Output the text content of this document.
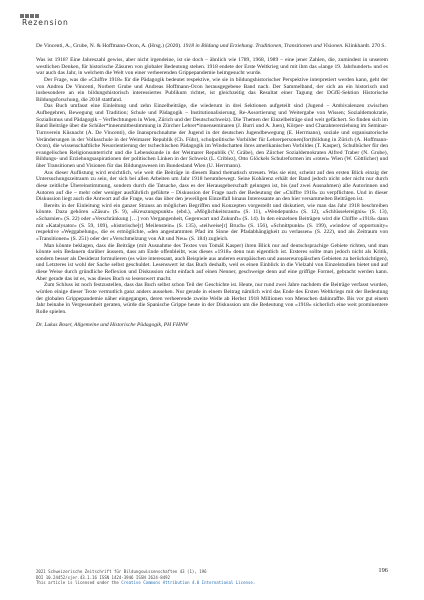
Rezension

De Vincenti, A., Grube, N. & Hoffmann-Ocon, A. (Hrsg.) (2020). 1918 in Bildung und Erziehung. Traditionen, Transitionen und Visionen. Klinkhardt. 270 S.

Was ist 1918? Eine Jahreszahl gewiss, aber nicht irgendeine, ist sie doch – ähnlich wie 1789, 1968, 1989 – eine jener Zahlen, die, zumindest in unserem westlichen Denken, für historische Zäsuren von globaler Bedeutung stehen. 1918 endete der Erste Weltkrieg und mit ihm das «lange 19. Jahrhundert» und es war auch das Jahr, in welchem die Welt von einer verheerenden Grippepandemie heimgesucht wurde.

Der Frage, was die «Chiffre 1918» für die Pädagogik bedeutet respektive, wie sie in bildungshistorischer Perspektive interpretiert werden kann, geht der von Andrea De Vincenti, Norbert Grube und Andreas Hoffmann-Ocon herausgegebene Band nach. Der Sammelband, der sich an ein historisch und insbesondere an ein bildungshistorisch interessiertes Publikum richtet, ist gleichzeitig das Resultat einer Tagung der DGfE-Sektion Historische Bildungsforschung, die 2018 stattfand.

Das Buch umfasst eine Einleitung und zehn Einzelbeiträge, die wiederum in drei Sektionen aufgeteilt sind (Jugend – Ambivalenzen zwischen Aufbegehren, Bewegung und Tradition; Schule und Pädagogik – Institutionalisierung, Re-Assortierung und Weitergabe von Wissen; Sozialdemokratie, Sozialismus und Pädagogik – Verflechtungen in Wien, Zürich und der Deutschschweiz). Die Themen der Einzelbeiträge sind weit gefächert. So finden sich im Band Beiträge über die Schüler*innenmitbestimmung in Zürcher Lehrer*innenseminaren (J. Burri und A. Juen), Körper- und Charaktererziehung im Seminar-Turnverein Küsnacht (A. De Vincenti), die Inanspruchnahme der Jugend in der deutschen Jugendbewegung (E. Herrmann), soziale und organisatorische Veränderungen in der Volksschule in der Weimarer Republik (Ch. Führ), schulpolitische Vorbilder für Lehrerpersonen(fort)bildung in Zürich (A. Hoffmann-Ocon), die wissenschaftliche Neuorientierung der tschechischen Pädagogik im Windschatten ihres amerikanischen Vorbildes (T. Kasper), Schulbücher für den evangelischen Religionsunterricht und die Lebenskunde in der Weimarer Republik (V. Gräbe), den Zürcher Sozialdemokraten Alfred Traber (N. Grube), Bildungs- und Erziehungsaspirationen der politischen Linken in der Schweiz (L. Criblez), Otto Glöckels Schulreformen im «roten» Wien (W. Göttlicher) und über Transitionen und Visionen für das Bildungswesen im Bundesland Wien (U. Herrmann).

Aus dieser Auflistung wird ersichtlich, wie weit die Beiträge in diesem Band thematisch streuen. Was sie eint, scheint auf den ersten Blick einzig der Untersuchungszeitraum zu sein, der sich bei allen Arbeiten um Jahr 1918 herumbewegt. Seine Kohärenz erhält der Band jedoch nicht oder nicht nur durch diese zeitliche Übereinstimmung, sondern durch die Tatsache, dass es der Herausgeberschaft gelungen ist, bis (auf zwei Ausnahmen) alle Autorinnen und Autoren auf die – mehr oder weniger ausführlich geführte – Diskussion der Frage nach der Bedeutung der «Chiffre 1918» zu verpflichten. Und in dieser Diskussion liegt auch die Antwort auf die Frage, was das über den jeweiligen Einzelfall hinaus Interessante an den hier versammelten Beiträgen ist.

Bereits in der Einleitung wird ein ganzer Strauss an möglichen Begriffen und Konzepten vorgestellt und diskutiert, wie man das Jahr 1918 beschreiben könnte. Dazu gehören «Zäsur» (S. 9), «Kreuzungspunkt» (ebd.), «Möglichkeitsraum» (S. 11), «Wendepunkt» (S. 12), «Schlüsselereignis» (S. 13), «Scharnier» (S. 22) oder «Verschränkung […] von Vergangenheit, Gegenwart und Zukunft» (S. 14). In den einzelnen Beiträgen wird die Chiffre «1918» dann mit «Katalysator» (S. 59, 109), «historische[r] Meilenstein» (S. 135), «teilweise[r] Bruch» (S. 156), «Schnittpunkt» (S. 199), «window of opportunity» respektive «Weggabelung», die es ermöglichte, «den angestammten Pfad im Sinne der Pfadabhängigkeit zu verlassen» (S. 222), und als Zeitraum von «Transitionen» (S. 251) oder der «Verschmelzung von Alt und Neu» (S. 184) zugleich.

Man könnte beklagen, dass die Beiträge (mit Ausnahme des Textes von Tomáš Kasper) ihren Blick nur auf deutschsprachige Gebiete richten, und man könnte sein Bedauern darüber äussern, dass am Ende offenbleibt, was dieses «1918» denn nun eigentlich ist. Ersteres sollte man jedoch nicht als Kritik, sondern besser als Desiderat formulieren (es wäre interessant, auch Beispiele aus anderen europäischen und aussereuropäischen Gebieten zu berücksichtigen), und Letzteres ist wohl der Sache selbst geschuldet. Lesenswert ist das Buch deshalb, weil es einen Einblick in die Vielzahl von Einzelstudien bietet und auf diese Weise durch gründliche Reflexion und Diskussion nicht einfach auf einen Nenner, geschweige denn auf eine griffige Formel, gebracht werden kann. Aber gerade das ist es, was dieses Buch so lesenswert macht.

Zum Schluss ist noch festzustellen, dass das Buch selbst schon Teil der Geschichte ist. Heute, nur rund zwei Jahre nachdem die Beiträge verfasst wurden, würden einige dieser Texte vermutlich ganz anders aussehen. Nur gerade in einem Beitrag nämlich wird das Ende des Ersten Weltkriegs mit der Bedeutung der globalen Grippepandemie näher eingegangen, deren verheerende zweite Welle ab Herbst 1918 Millionen von Menschen dahinraffte. Bis vor gut einem Jahr beinahe in Vergessenheit geraten, würde die Spanische Grippe heute in der Diskussion um die Bedeutung von «1918» sicherlich eine weit prominentere Rolle spielen.

Dr. Lukas Boser, Allgemeine und Historische Pädagogik, PH FHNW

2021 Schweizerische Zeitschrift für Bildungswissenschaften 43 (1), 196	196
DOI 10.24452/sjer.43.1.16 ISSN 1424-3946 ISSN 2624-8492
This article is licensed under the Creative Commons Attribution 4.0 International License.
